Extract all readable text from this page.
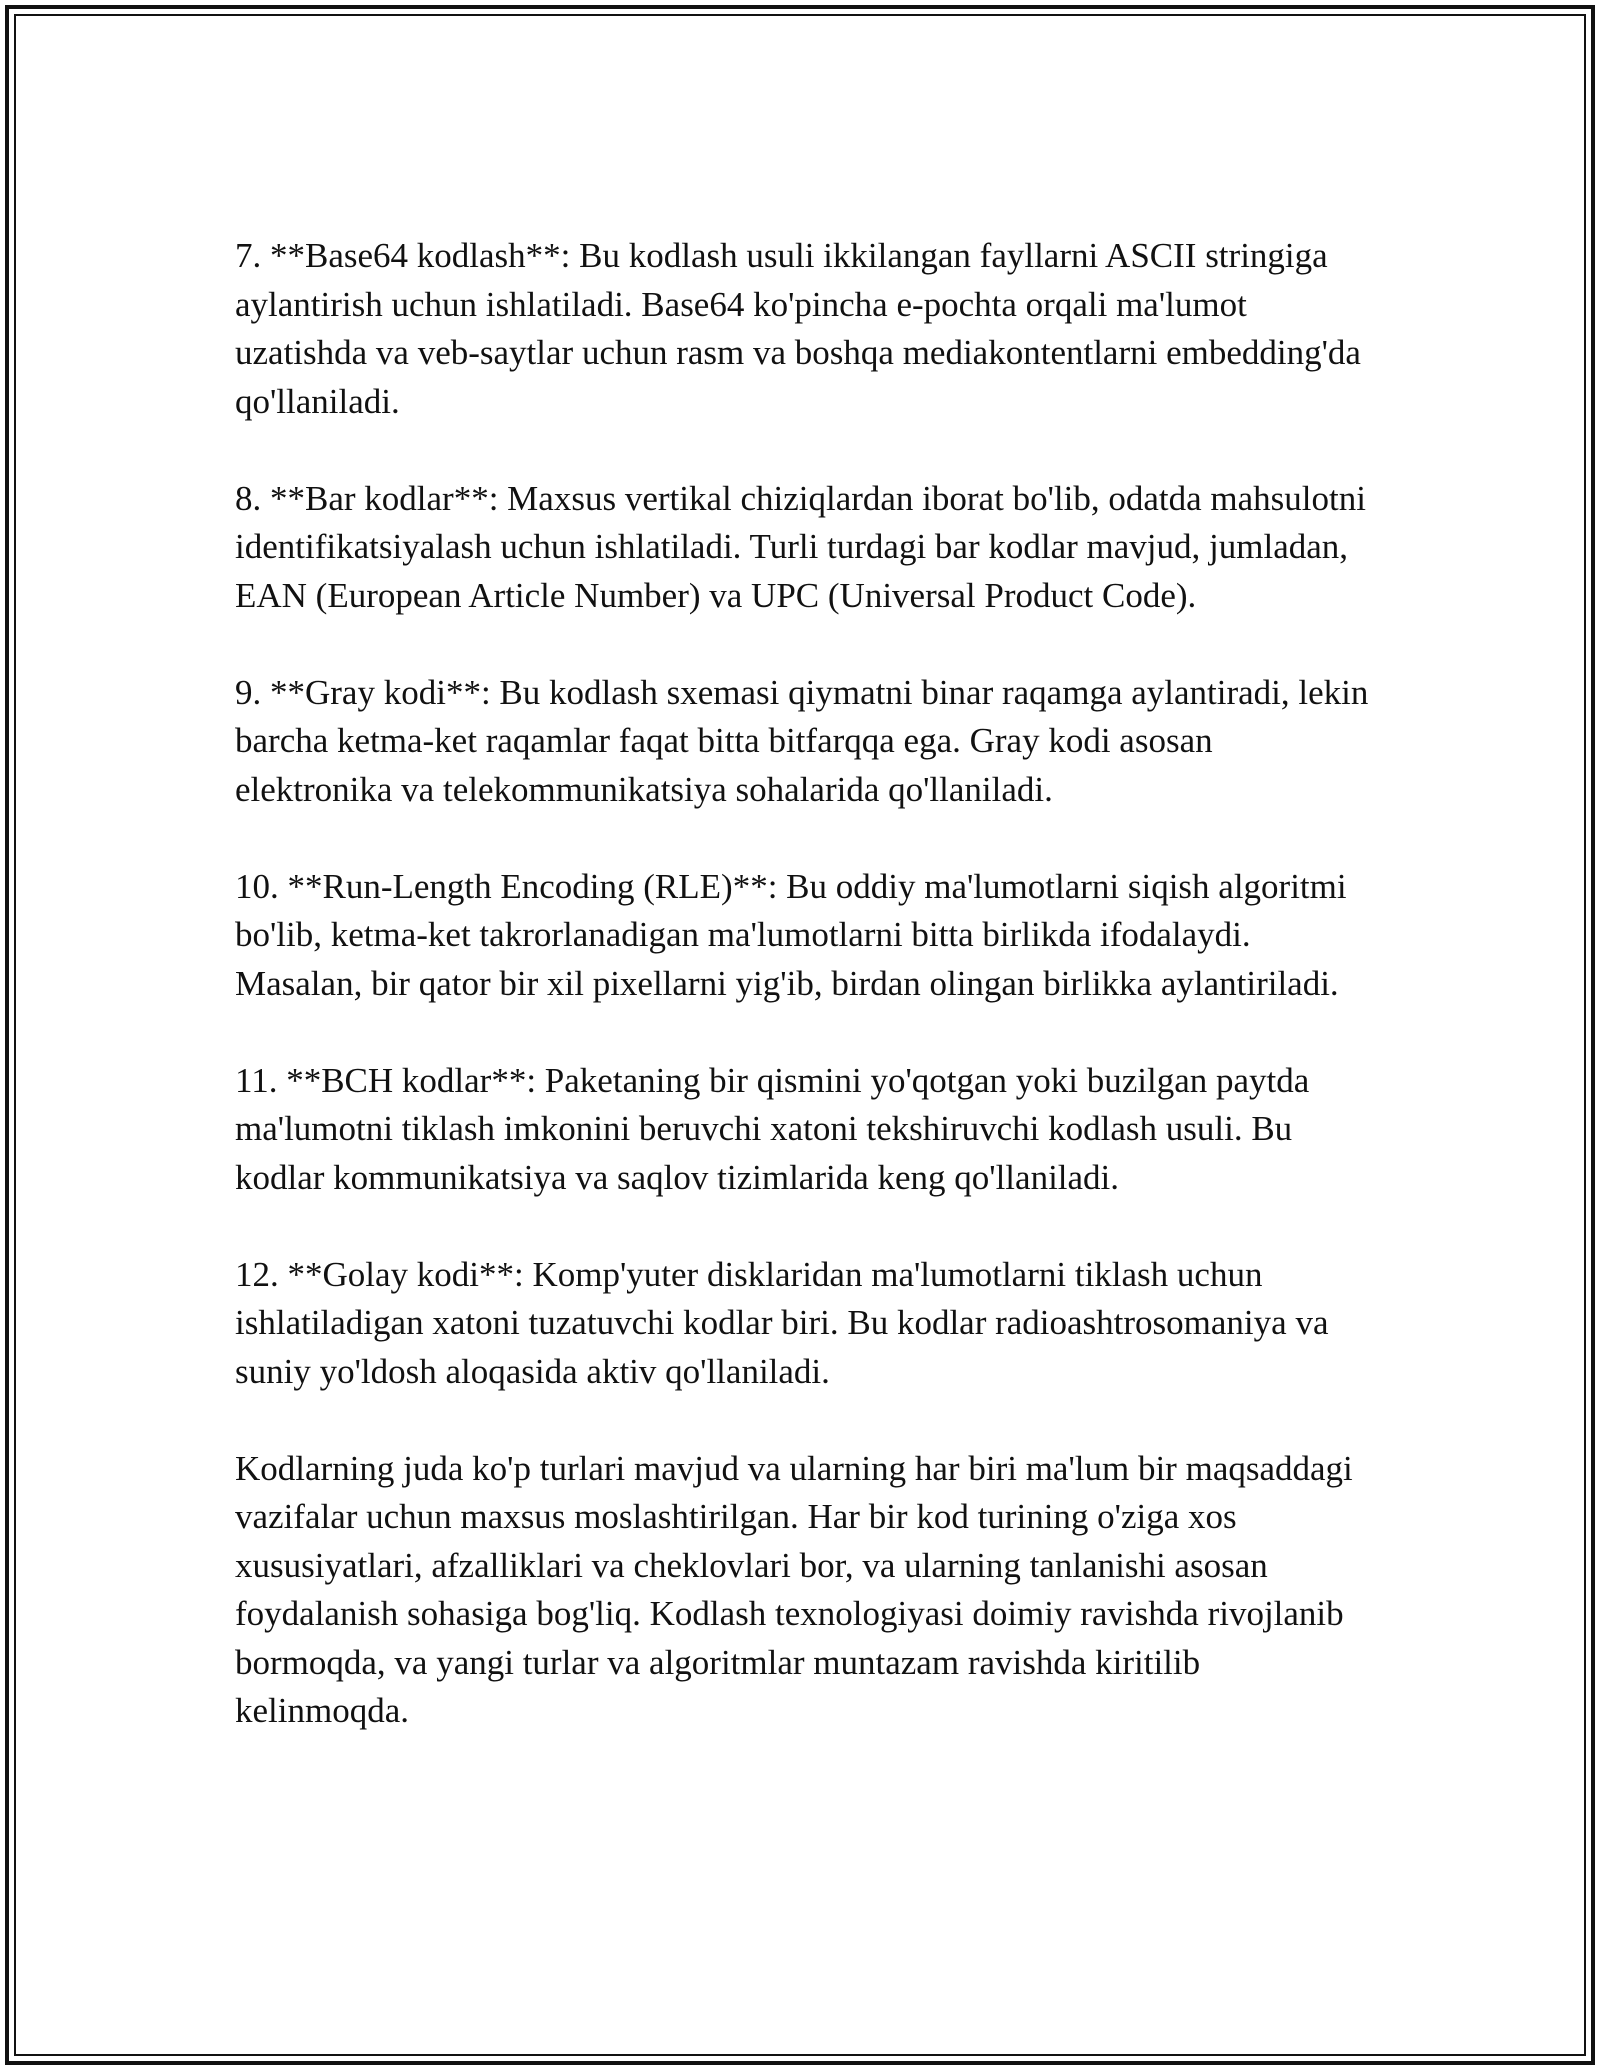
7. **Base64 kodlash**: Bu kodlash usuli ikkilangan fayllarni ASCII stringiga aylantirish uchun ishlatiladi. Base64 ko'pincha e-pochta orqali ma'lumot uzatishda va veb-saytlar uchun rasm va boshqa mediakontentlarni embedding'da qo'llaniladi.

8. **Bar kodlar**: Maxsus vertikal chiziqlardan iborat bo'lib, odatda mahsulotni identifikatsiyalash uchun ishlatiladi. Turli turdagi bar kodlar mavjud, jumladan, EAN (European Article Number) va UPC (Universal Product Code).

9. **Gray kodi**: Bu kodlash sxemasi qiymatni binar raqamga aylantiradi, lekin barcha ketma-ket raqamlar faqat bitta bitfarqqa ega. Gray kodi asosan elektronika va telekommunikatsiya sohalarida qo'llaniladi.

10. **Run-Length Encoding (RLE)**: Bu oddiy ma'lumotlarni siqish algoritmi bo'lib, ketma-ket takrorlanadigan ma'lumotlarni bitta birlikda ifodalaydi. Masalan, bir qator bir xil pixellarni yig'ib, birdan olingan birlikka aylantiriladi.

11. **BCH kodlar**: Paketaning bir qismini yo'qotgan yoki buzilgan paytda ma'lumotni tiklash imkonini beruvchi xatoni tekshiruvchi kodlash usuli. Bu kodlar kommunikatsiya va saqlov tizimlarida keng qo'llaniladi.

12. **Golay kodi**: Komp'yuter disklaridan ma'lumotlarni tiklash uchun ishlatiladigan xatoni tuzatuvchi kodlar biri. Bu kodlar radioashtrosomaniya va suniy yo'ldosh aloqasida aktiv qo'llaniladi.

Kodlarning juda ko'p turlari mavjud va ularning har biri ma'lum bir maqsaddagi vazifalar uchun maxsus moslashtirilgan. Har bir kod turining o'ziga xos xususiyatlari, afzalliklari va cheklovlari bor, va ularning tanlanishi asosan foydalanish sohasiga bog'liq. Kodlash texnologiyasi doimiy ravishda rivojlanib bormoqda, va yangi turlar va algoritmlar muntazam ravishda kiritilib kelinmoqda.
